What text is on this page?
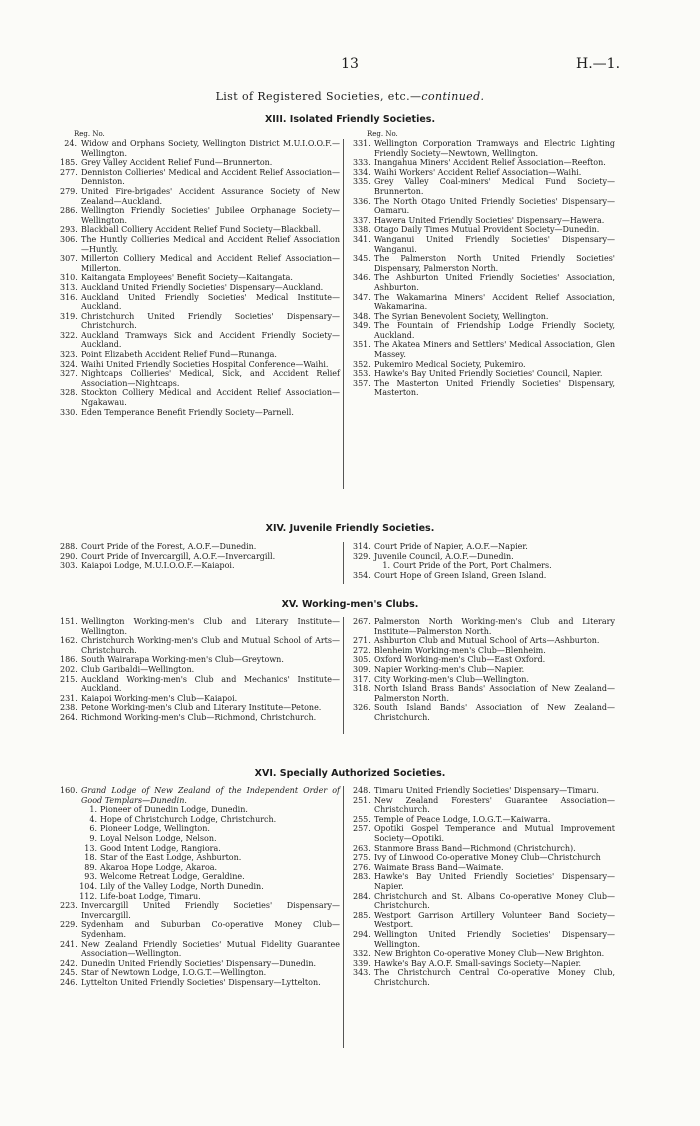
13	H.—1.
List of Registered Societies, etc.—continued.
XIII. Isolated Friendly Societies.
Reg. No.
24. Widow and Orphans Society, Wellington District M.U.I.O.O.F.—Wellington.
185. Grey Valley Accident Relief Fund—Brunnerton.
277. Denniston Collieries' Medical and Accident Relief Association—Denniston.
279. United Fire-brigades' Accident Assurance Society of New Zealand—Auckland.
286. Wellington Friendly Societies' Jubilee Orphanage Society—Wellington.
293. Blackball Colliery Accident Relief Fund Society—Blackball.
306. The Huntly Collieries Medical and Accident Relief Association—Huntly.
307. Millerton Colliery Medical and Accident Relief Association—Millerton.
310. Kaitangata Employees' Benefit Society—Kaitangata.
313. Auckland United Friendly Societies' Dispensary—Auckland.
316. Auckland United Friendly Societies' Medical Institute—Auckland.
319. Christchurch United Friendly Societies' Dispensary—Christchurch.
322. Auckland Tramways Sick and Accident Friendly Society—Auckland.
323. Point Elizabeth Accident Relief Fund—Runanga.
324. Waihi United Friendly Societies Hospital Conference—Waihi.
327. Nightcaps Collieries' Medical, Sick, and Accident Relief Association—Nightcaps.
328. Stockton Colliery Medical and Accident Relief Association—Ngakawau.
330. Eden Temperance Benefit Friendly Society—Parnell.
Reg. No.
331. Wellington Corporation Tramways and Electric Lighting Friendly Society—Newtown, Wellington.
333. Inangahua Miners' Accident Relief Association—Reefton.
334. Waihi Workers' Accident Relief Association—Waihi.
335. Grey Valley Coal-miners' Medical Fund Society—Brunnerton.
336. The North Otago United Friendly Societies' Dispensary—Oamaru.
337. Hawera United Friendly Societies' Dispensary—Hawera.
338. Otago Daily Times Mutual Provident Society—Dunedin.
341. Wanganui United Friendly Societies' Dispensary—Wanganui.
345. The Palmerston North United Friendly Societies' Dispensary, Palmerston North.
346. The Ashburton United Friendly Societies' Association, Ashburton.
347. The Wakamarina Miners' Accident Relief Association, Wakamarina.
348. The Syrian Benevolent Society, Wellington.
349. The Fountain of Friendship Lodge Friendly Society, Auckland.
351. The Akatea Miners and Settlers' Medical Association, Glen Massey.
352. Pukemiro Medical Society, Pukemiro.
353. Hawke's Bay United Friendly Societies' Council, Napier.
357. The Masterton United Friendly Societies' Dispensary, Masterton.
XIV. Juvenile Friendly Societies.
288. Court Pride of the Forest, A.O.F.—Dunedin.
290. Court Pride of Invercargill, A.O.F.—Invercargill.
303. Kaiapoi Lodge, M.U.I.O.O.F.—Kaiapoi.
314. Court Pride of Napier, A.O.F.—Napier.
329. Juvenile Council, A.O.F.—Dunedin.
1. Court Pride of the Port, Port Chalmers.
354. Court Hope of Green Island, Green Island.
XV. Working-men's Clubs.
151. Wellington Working-men's Club and Literary Institute—Wellington.
162. Christchurch Working-men's Club and Mutual School of Arts—Christchurch.
186. South Wairarapa Working-men's Club—Greytown.
202. Club Garibaldi—Wellington.
215. Auckland Working-men's Club and Mechanics' Institute—Auckland.
231. Kaiapoi Working-men's Club—Kaiapoi.
238. Petone Working-men's Club and Literary Institute—Petone.
264. Richmond Working-men's Club—Richmond, Christchurch.
267. Palmerston North Working-men's Club and Literary Institute—Palmerston North.
271. Ashburton Club and Mutual School of Arts—Ashburton.
272. Blenheim Working-men's Club—Blenheim.
305. Oxford Working-men's Club—East Oxford.
309. Napier Working-men's Club—Napier.
317. City Working-men's Club—Wellington.
318. North Island Brass Bands' Association of New Zealand—Palmerston North.
326. South Island Bands' Association of New Zealand—Christchurch.
XVI. Specially Authorized Societies.
160. Grand Lodge of New Zealand of the Independent Order of Good Templars—Dunedin.
1. Pioneer of Dunedin Lodge, Dunedin.
4. Hope of Christchurch Lodge, Christchurch.
6. Pioneer Lodge, Wellington.
9. Loyal Nelson Lodge, Nelson.
13. Good Intent Lodge, Rangiora.
18. Star of the East Lodge, Ashburton.
89. Akaroa Hope Lodge, Akaroa.
93. Welcome Retreat Lodge, Geraldine.
104. Lily of the Valley Lodge, North Dunedin.
112. Life-boat Lodge, Timaru.
223. Invercargill United Friendly Societies' Dispensary—Invercargill.
229. Sydenham and Suburban Co-operative Money Club—Sydenham.
241. New Zealand Friendly Societies' Mutual Fidelity Guarantee Association—Wellington.
242. Dunedin United Friendly Societies' Dispensary—Dunedin.
245. Star of Newtown Lodge, I.O.G.T.—Wellington.
246. Lyttelton United Friendly Societies' Dispensary—Lyttelton.
248. Timaru United Friendly Societies' Dispensary—Timaru.
251. New Zealand Foresters' Guarantee Association—Christchurch.
255. Temple of Peace Lodge, I.O.G.T.—Kaiwarra.
257. Opotiki Gospel Temperance and Mutual Improvement Society—Opotiki.
263. Stanmore Brass Band—Richmond (Christchurch).
275. Ivy of Linwood Co-operative Money Club—Christchurch
276. Waimate Brass Band—Waimate.
283. Hawke's Bay United Friendly Societies' Dispensary—Napier.
284. Christchurch and St. Albans Co-operative Money Club—Christchurch.
285. Westport Garrison Artillery Volunteer Band Society—Westport.
294. Wellington United Friendly Societies' Dispensary—Wellington.
332. New Brighton Co-operative Money Club—New Brighton.
339. Hawke's Bay A.O.F. Small-savings Society—Napier.
343. The Christchurch Central Co-operative Money Club, Christchurch.
